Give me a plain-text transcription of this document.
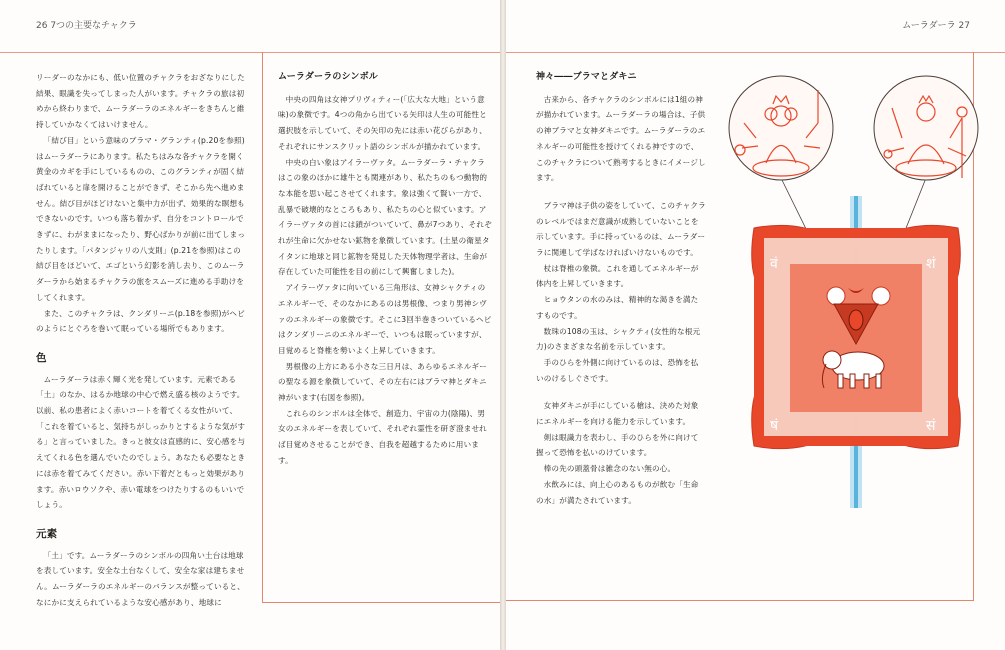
26 7つの主要なチャクラ

リーダーのなかにも、低い位置のチャクラをおざなりにした結果、眼識を失ってしまった人がいます。チャクラの旅は初めから終わりまで、ムーラダーラのエネルギーをきちんと維持していかなくてはいけません。

「結び目」という意味のブラマ・グランティ(p.20を参照)はムーラダーラにあります。私たちはみな各チャクラを開く黄金のカギを手にしているものの、このグランティが固く結ばれていると扉を開けることができず、そこから先へ進めません。結び目がほどけないと集中力が出ず、効果的な瞑想もできないのです。いつも落ち着かず、自分をコントロールできずに、わがままになったり、野心ばかりが前に出てしまったりします。「パタンジャリの八支則」(p.21を参照)はこの結び目をほどいて、エゴという幻影を消し去り、このムーラダーラから始まるチャクラの旅をスムーズに進める手助けをしてくれます。

また、このチャクラは、クンダリーニ(p.18を参照)がヘビのようにとぐろを巻いて眠っている場所でもあります。

色

ムーラダーラは赤く輝く光を発しています。元素である「土」のなか、はるか地球の中心で燃え盛る核のようです。以前、私の患者によく赤いコートを着てくる女性がいて、「これを着ていると、気持ちがしっかりとするような気がする」と言っていました。きっと彼女は直感的に、安心感を与えてくれる色を選んでいたのでしょう。あなたも必要なときには赤を着てみてください。赤い下着だともっと効果があります。赤いロウソクや、赤い電球をつけたりするのもいいでしょう。

元素

「土」です。ムーラダーラのシンボルの四角い土台は地球を表しています。安全な土台なくして、安全な家は建ちません。ムーラダーラのエネルギーのバランスが整っていると、なにかに支えられているような安心感があり、地球に

ムーラダーラのシンボル

中央の四角は女神プリヴィティー(「広大な大地」という意味)の象徴です。4つの角から出ている矢印は人生の可能性と選択肢を示していて、その矢印の先には赤い花びらがあり、それぞれにサンスクリット語のシンボルが描かれています。

中央の白い象はアイラーヴァタ。ムーラダーラ・チャクラはこの象のほかに雄牛とも関連があり、私たちのもつ動物的な本能を思い起こさせてくれます。象は強くて賢い一方で、乱暴で破壊的なところもあり、私たちの心と似ています。アイラーヴァタの首には鎖がついていて、鼻が7つあり、それぞれが生命に欠かせない鉱物を象徴しています。(土星の衛星タイタンに地球と同じ鉱物を発見した天体物理学者は、生命が存在していた可能性を目の前にして興奮しました)。

アイラーヴァタに向いている三角形は、女神シャクティのエネルギーで、そのなかにあるのは男根像、つまり男神シヴァのエネルギーの象徴です。そこに3回半巻きついているヘビはクンダリーニのエネルギーで、いつもは眠っていますが、目覚めると脊椎を勢いよく上昇していきます。

男根像の上方にある小さな三日月は、あらゆるエネルギーの聖なる源を象徴していて、その左右にはブラマ神とダキニ神がいます(右図を参照)。

これらのシンボルは全体で、創造力、宇宙の力(陰陽)、男女のエネルギーを表していて、それぞれ霊性を研ぎ澄ませれば目覚めさせることができ、自我を超越するために用います。

ムーラダーラ 27
神々――ブラマとダキニ

古来から、各チャクラのシンボルには1組の神が描かれています。ムーラダーラの場合は、子供の神ブラマと女神ダキニです。ムーラダーラのエネルギーの可能性を授けてくれる神ですので、このチャクラについて熟考するときにイメージします。

ブラマ神は子供の姿をしていて、このチャクラのレベルではまだ意識が成熟していないことを示しています。手に持っているのは、ムーラダーラに関連して学ばなければいけないものです。

杖は脊椎の象徴。これを通してエネルギーが体内を上昇していきます。

ヒョウタンの水のみは、精神的な渇きを満たすものです。

数珠の108の玉は、シャクティ(女性的な根元力)のさまざまな名前を示しています。

手のひらを外側に向けているのは、恐怖を払いのけるしぐさです。

女神ダキニが手にしている槍は、決めた対象にエネルギーを向ける能力を示しています。

剣は眼識力を表わし、手のひらを外に向けて握って恐怖を払いのけています。

棒の先の頭蓋骨は雑念のない無の心。

水飲みには、向上心のあるものが飲む「生命の水」が満たされています。

वं	शं
षं	सं
